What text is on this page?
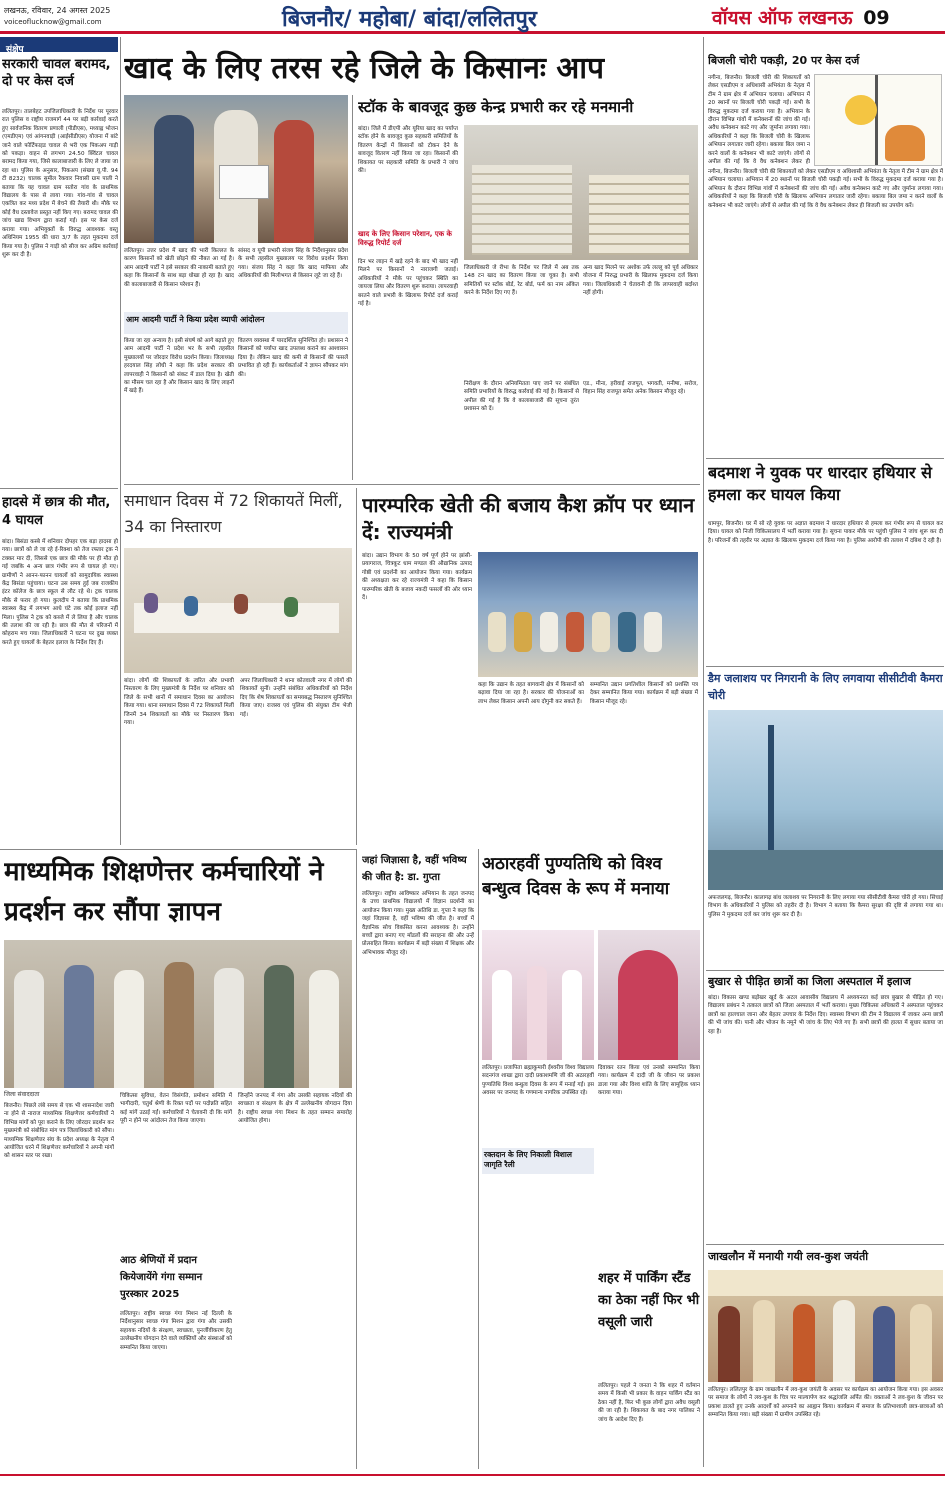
लखनऊ, रविवार, 24 अगस्त 2025
voiceoflucknow@gmail.com	बिजनौर/ महोबा/ बांदा/ललितपुर	वॉयस ऑफ लखनऊ 09
संक्षेप
सरकारी चावल बरामद, दो पर केस दर्ज
ललितपुर। तालबेहट उपजिलाधिकारी के निर्देश पर पूरवार रात पुलिस व राष्ट्रीय राजमार्ग 44 पर बड़ी कार्रवाई करते हुए सार्वजनिक वितरण प्रणाली (पीडीएस), मध्याह्न भोजन (एमडीएम) एवं आंगनवाड़ी (आईसीडीएस) योजना में बांटे जाने वाले फोर्टिफाइड चावल से भरी एक पिकअप गाड़ी को पकड़ा। वाहन से लगभग 24.50 क्विंटल चावल बरामद किया गया, जिसे कालाबाजारी के लिए ले जाया जा रहा था। पुलिस के अनुसार, पिकअप (संख्या यू.पी. 94 टी 8232) चालक सुमील रैकवार निवासी ग्राम पाली ने बताया कि यह चावल ग्राम सतोरा गांव के प्राथमिक विद्यालय के पास से लाया गया। गांव-गांव से चावल एकत्रित कर मध्य प्रदेश में बेचने की तैयारी थी। मौके पर कोई वैध दस्तावेज प्रस्तुत नहीं किए गए। बरामद चावल की जांच खाद्य विभाग द्वारा कराई गई। इस पर केस दर्ज कराया गया। अभियुक्तों के विरुद्ध आवश्यक वस्तु अधिनियम 1955 की धारा 3/7 के तहत मुकदमा दर्ज किया गया है। पुलिस ने गाड़ी को सीज कर अग्रिम कार्रवाई शुरू कर दी है।
हादसे में छात्र की मौत, 4 घायल
बांदा। बिसंडा कस्बे में शनिवार दोपहर एक बड़ा हादसा हो गया। छात्रों को ले जा रहे ई-रिक्शा को तेज रफ्तार ट्रक ने टक्कर मार दी, जिससे एक छात्र की मौके पर ही मौत हो गई जबकि 4 अन्य छात्र गंभीर रूप से घायल हो गए। ग्रामीणों ने आनन-फानन घायलों को सामुदायिक स्वास्थ्य केंद्र बिसंडा पहुंचाया। घटना उस समय हुई जब राजकीय इंटर कॉलेज के छात्र स्कूल से लौट रहे थे। ट्रक चालक मौके से फरार हो गया। कुलदीप ने बताया कि प्राथमिक स्वास्थ्य केंद्र में लगभग आधे घंटे तक कोई इलाज नहीं मिला। पुलिस ने ट्रक को कब्जे में ले लिया है और चालक की तलाश की जा रही है। छात्र की मौत से परिजनों में कोहराम मच गया। जिलाधिकारी ने घटना पर दुख व्यक्त करते हुए घायलों के बेहतर इलाज के निर्देश दिए हैं।
खाद के लिए तरस रहे जिले के किसानः आप
ललितपुर। उत्तर प्रदेश में खाद की भारी किल्लत के कारण किसानों को खेती छोड़ने की नौबत आ गई है। आम आदमी पार्टी ने इसे सरकार की नाकामी बताते हुए कहा कि किसानों के साथ बड़ा धोखा हो रहा है। खाद की कालाबाजारी से किसान परेशान हैं।
सांसद व यूपी प्रभारी संजय सिंह के निर्देशानुसार प्रदेश के सभी तहसील मुख्यालय पर विरोध प्रदर्शन किया गया। संजय सिंह ने कहा कि खाद माफिया और अधिकारियों की मिलीभगत से किसान लूटे जा रहे हैं।
आम आदमी पार्टी ने किया प्रदेश व्यापी आंदोलन
किया जा रहा अन्याय है। इसी संघर्ष को आगे बढ़ाते हुए आम आदमी पार्टी ने प्रदेश भर के सभी तहसील मुख्यालयों पर जोरदार विरोध प्रदर्शन किया। जिलाध्यक्ष हरदयाल सिंह लोधी ने कहा कि प्रदेश सरकार की लापरवाही ने किसानों को संकट में डाल दिया है। खेती का मौसम चल रहा है और किसान खाद के लिए लाइनों में खड़े हैं।
वितरण व्यवस्था में पारदर्शिता सुनिश्चित हो। प्रशासन ने किसानों को पर्याप्त खाद उपलब्ध कराने का आश्वासन दिया है। लेकिन खाद की कमी से किसानों की फसलें प्रभावित हो रही हैं। कार्यकर्ताओं ने ज्ञापन सौंपकर मांग की।
स्टॉक के बावजूद कुछ केन्द्र प्रभारी कर रहे मनमानी
बांदा। जिले में डीएपी और यूरिया खाद का पर्याप्त स्टॉक होने के बावजूद कुछ सहकारी समितियों के वितरण केन्द्रों में किसानों को टोकन देने के बावजूद वितरण नहीं किया जा रहा। किसानों की शिकायत पर सहकारी समिति के प्रभारी ने जांच की।
खाद के लिए किसान परेशान, एक के विरुद्ध रिपोर्ट दर्ज
दिन भर लाइन में खड़े रहने के बाद भी खाद नहीं मिलने पर किसानों ने नाराजगी जताई। अधिकारियों ने मौके पर पहुंचकर स्थिति का जायजा लिया और वितरण शुरू कराया। लापरवाही बरतने वाले प्रभारी के खिलाफ रिपोर्ट दर्ज कराई गई है।
जिलाधिकारी जे रीभा के निर्देश पर जिले में अब तक 148 टन खाद का वितरण किया जा चुका है। सभी समितियों पर स्टॉक बोर्ड, रेट बोर्ड, फर्म का नाम अंकित करने के निर्देश दिए गए हैं।
अन्य खाद मिलने पर अशोक उर्फ लल्लू को पूर्व अधिकार योजना में निरुद्ध प्रभारी के खिलाफ मुकदमा दर्ज किया गया। जिलाधिकारी ने चेतावनी दी कि लापरवाही बर्दाश्त नहीं होगी।
निरीक्षण के दौरान अनियमितता पाए जाने पर संबंधित समिति प्रभारियों के विरुद्ध कार्रवाई की गई है। किसानों से अपील की गई है कि वे कालाबाजारी की सूचना तुरंत प्रशासन को दें।
एड., मीना, हरीवाई राजपूत, भगवती, मनीषा, सरोज, विहान सिंह राजपूत समेत अनेक किसान मौजूद रहे।
समाधान दिवस में 72 शिकायतें मिलीं, 34 का निस्तारण
बांदा। लोगों की शिकायतों के त्वरित और प्रभावी निस्तारण के लिए मुख्यमंत्री के निर्देश पर शनिवार को जिले के सभी थानों में समाधान दिवस का आयोजन किया गया। थाना समाधान दिवस में 72 शिकायतें मिलीं जिनमें 34 शिकायतों का मौके पर निस्तारण किया गया।
अपर जिलाधिकारी ने थाना कोतवाली नगर में लोगों की शिकायतें सुनीं। उन्होंने संबंधित अधिकारियों को निर्देश दिए कि शेष शिकायतों का समयबद्ध निस्तारण सुनिश्चित किया जाए। राजस्व एवं पुलिस की संयुक्त टीम भेजी गई।
पारम्परिक खेती की बजाय कैश क्रॉप पर ध्यान दें: राज्यमंत्री
बांदा। उद्यान विभाग के 50 वर्ष पूर्ण होने पर झांसी-प्रयागराज, चित्रकूट धाम मण्डल की औद्यानिक उत्पाद गोष्ठी एवं प्रदर्शनी का आयोजन किया गया। कार्यक्रम की अध्यक्षता कर रहे राज्यमंत्री ने कहा कि किसान पारम्परिक खेती के बजाय नकदी फसलों की ओर ध्यान दें।
कहा कि उद्यान के तहत बागवानी क्षेत्र में किसानों को बढ़ावा दिया जा रहा है। सरकार की योजनाओं का लाभ लेकर किसान अपनी आय दोगुनी कर सकते हैं।
सम्मानित उद्यान प्रगतिशील किसानों को प्रशस्ति पत्र देकर सम्मानित किया गया। कार्यक्रम में बड़ी संख्या में किसान मौजूद रहे।
बिजली चोरी पकड़ी, 20 पर केस दर्ज
नगीना, बिजनौर। बिजली चोरी की शिकायतों को लेकर एसडीएम व अधिशासी अभियंता के नेतृत्व में टीम ने ग्राम क्षेत्र में अभियान चलाया। अभियान में 20 स्थानों पर बिजली चोरी पकड़ी गई। सभी के विरुद्ध मुकदमा दर्ज कराया गया है। अभियान के दौरान विभिन्न गांवों में कनेक्शनों की जांच की गई। अवैध कनेक्शन काटे गए और जुर्माना लगाया गया। अधिकारियों ने कहा कि बिजली चोरी के खिलाफ अभियान लगातार जारी रहेगा। बकाया बिल जमा न करने वालों के कनेक्शन भी काटे जाएंगे। लोगों से अपील की गई कि वे वैध कनेक्शन लेकर ही
नगीना, बिजनौर। बिजली चोरी की शिकायतों को लेकर एसडीएम व अधिशासी अभियंता के नेतृत्व में टीम ने ग्राम क्षेत्र में अभियान चलाया। अभियान में 20 स्थानों पर बिजली चोरी पकड़ी गई। सभी के विरुद्ध मुकदमा दर्ज कराया गया है। अभियान के दौरान विभिन्न गांवों में कनेक्शनों की जांच की गई। अवैध कनेक्शन काटे गए और जुर्माना लगाया गया। अधिकारियों ने कहा कि बिजली चोरी के खिलाफ अभियान लगातार जारी रहेगा। बकाया बिल जमा न करने वालों के कनेक्शन भी काटे जाएंगे। लोगों से अपील की गई कि वे वैध कनेक्शन लेकर ही बिजली का उपयोग करें।
बदमाश ने युवक पर धारदार हथियार से हमला कर घायल किया
धामपुर, बिजनौर। घर में सो रहे युवक पर अज्ञात बदमाश ने धारदार हथियार से हमला कर गंभीर रूप से घायल कर दिया। घायल को निजी चिकित्सालय में भर्ती कराया गया है। सूचना पाकर मौके पर पहुंची पुलिस ने जांच शुरू कर दी है। परिजनों की तहरीर पर अज्ञात के खिलाफ मुकदमा दर्ज किया गया है। पुलिस आरोपी की तलाश में दबिश दे रही है।
डैम जलाशय पर निगरानी के लिए लगवाया सीसीटीवी कैमरा चोरी
अफजलगढ़, बिजनौर। कालागढ़ बांध जलाशय पर निगरानी के लिए लगाया गया सीसीटीवी कैमरा चोरी हो गया। सिंचाई विभाग के अधिकारियों ने पुलिस को तहरीर दी है। विभाग ने बताया कि कैमरा सुरक्षा की दृष्टि से लगाया गया था। पुलिस ने मुकदमा दर्ज कर जांच शुरू कर दी है।
बुखार से पीड़ित छात्रों का जिला अस्पताल में इलाज
बांदा। विकास खण्ड बड़ोखर खुर्द के अटल आवासीय विद्यालय में अध्ययनरत कई छात्र बुखार से पीड़ित हो गए। विद्यालय प्रबंधन ने तत्काल छात्रों को जिला अस्पताल में भर्ती कराया। मुख्य चिकित्सा अधिकारी ने अस्पताल पहुंचकर छात्रों का हालचाल जाना और बेहतर उपचार के निर्देश दिए। स्वास्थ्य विभाग की टीम ने विद्यालय में जाकर अन्य छात्रों की भी जांच की। पानी और भोजन के नमूने भी जांच के लिए भेजे गए हैं। सभी छात्रों की हालत में सुधार बताया जा रहा है।
जाखलौन में मनायी गयी लव-कुश जयंती
ललितपुर। ललितपुर के ग्राम जाखलौन में लव-कुश जयंती के अवसर पर कार्यक्रम का आयोजन किया गया। इस अवसर पर समाज के लोगों ने लव-कुश के चित्र पर माल्यार्पण कर श्रद्धांजलि अर्पित की। वक्ताओं ने लव-कुश के जीवन पर प्रकाश डालते हुए उनके आदर्शों को अपनाने का आह्वान किया। कार्यक्रम में समाज के प्रतिभाशाली छात्र-छात्राओं को सम्मानित किया गया। बड़ी संख्या में ग्रामीण उपस्थित रहे।
माध्यमिक शिक्षणेत्तर कर्मचारियों ने प्रदर्शन कर सौंपा ज्ञापन
जिला संवाददाता
बिजनौर। पिछले लंबे समय से एक भी शासनादेश जारी ना होने से नाराज माध्यमिक शिक्षणेत्तर कर्मचारियों ने विभिन्न मांगों को पूरा कराने के लिए जोरदार प्रदर्शन कर मुख्यमंत्री को संबोधित मांग पत्र जिलाधिकारी को सौंपा। माध्यमिक शिक्षणेत्तर संघ के प्रदेश अध्यक्ष के नेतृत्व में आयोजित धरने में शिक्षणेत्तर कर्मचारियों ने अपनी मांगों को शासन स्तर पर रखा।
चिकित्सा सुविधा, वेतन विसंगति, प्रमोशन समिति में भागीदारी, चतुर्थ श्रेणी के रिक्त पदों पर पदोन्नति सहित कई मांगें उठाई गईं। कर्मचारियों ने चेतावनी दी कि मांगें पूरी न होने पर आंदोलन तेज किया जाएगा।
जिन्होंने जनपद में गंगा और उसकी सहायक नदियों की स्वच्छता व संरक्षण के क्षेत्र में उल्लेखनीय योगदान दिया है। राष्ट्रीय स्वच्छ गंगा मिशन के तहत सम्मान समारोह आयोजित होगा।
आठ श्रेणियों में प्रदान कियेजायेंगे गंगा सम्मान पुरस्कार 2025
ललितपुर। राष्ट्रीय स्वच्छ गंगा मिशन नई दिल्ली के निर्देशानुसार स्वच्छ गंगा मिशन द्वारा गंगा और उसकी सहायक नदियों के संरक्षण, स्वच्छता, पुनर्जीवीकरण हेतु उल्लेखनीय योगदान देने वाले व्यक्तियों और संस्थाओं को सम्मानित किया जाएगा।
जहां जिज्ञासा है, वहीं भविष्य की जीत है: डा. गुप्ता
ललितपुर। राष्ट्रीय आविष्कार अभियान के तहत जनपद के उच्च प्राथमिक विद्यालयों में विज्ञान प्रदर्शनी का आयोजन किया गया। मुख्य अतिथि डा. गुप्ता ने कहा कि जहां जिज्ञासा है, वहीं भविष्य की जीत है। बच्चों में वैज्ञानिक सोच विकसित करना आवश्यक है। उन्होंने बच्चों द्वारा बनाए गए मॉडलों की सराहना की और उन्हें प्रोत्साहित किया। कार्यक्रम में बड़ी संख्या में शिक्षक और अभिभावक मौजूद रहे।
अठारहवीं पुण्यतिथि को विश्व बन्धुत्व दिवस के रूप में मनाया
ललितपुर। प्रजापिता ब्रह्माकुमारी ईश्वरीय विश्व विद्यालय सदनगंज शाखा द्वारा दादी प्रकाशमणि जी की अठारहवीं पुण्यतिथि विश्व बन्धुत्व दिवस के रूप में मनाई गई। इस अवसर पर जनपद के गणमान्य नागरिक उपस्थित रहे।
दिवाकर रतन किया एवं उनको सम्मानित किया गया। कार्यक्रम में दादी जी के जीवन पर प्रकाश डाला गया और विश्व शांति के लिए सामूहिक ध्यान कराया गया।
रक्तदान के लिए निकाली विशाल जागृति रैली
शहर में पार्किंग स्टैंड का ठेका नहीं फिर भी वसूली जारी
ललितपुर। पहले ने जनता ने कि शहर में वर्तमान समय में किसी भी प्रकार के वाहन पार्किंग स्टैंड का ठेका नहीं है, फिर भी कुछ लोगों द्वारा अवैध वसूली की जा रही है। शिकायत के बाद नगर पालिका ने जांच के आदेश दिए हैं।
